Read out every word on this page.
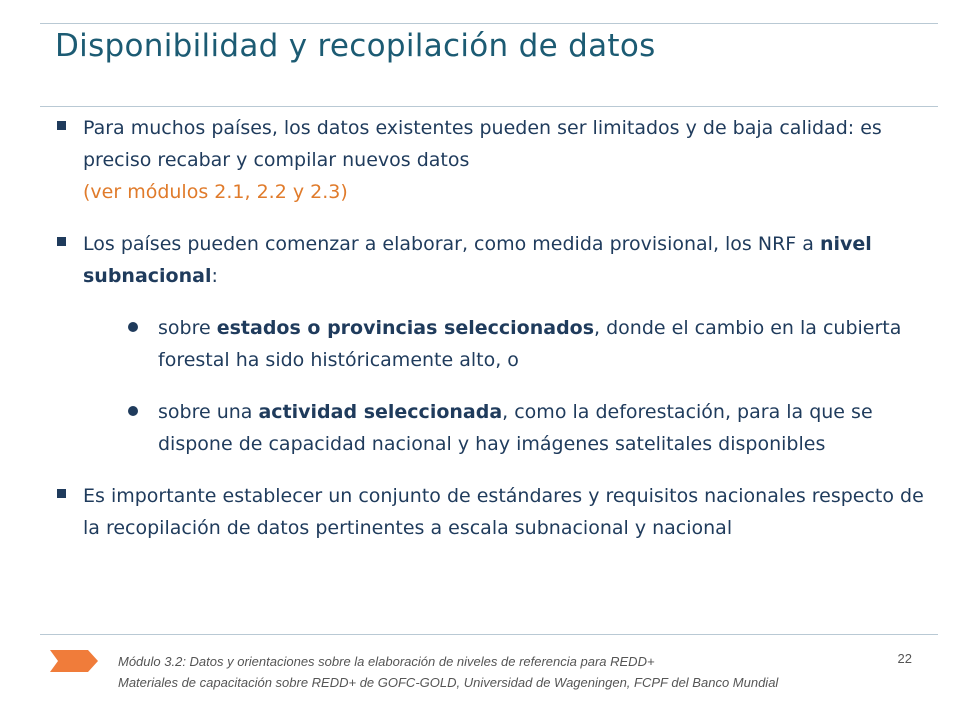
Disponibilidad y recopilación de datos
Para muchos países, los datos existentes pueden ser limitados y de baja calidad: es preciso recabar y compilar nuevos datos
(ver módulos 2.1, 2.2 y 2.3)
Los países pueden comenzar a elaborar, como medida provisional, los NRF a nivel subnacional:
sobre estados o provincias seleccionados, donde el cambio en la cubierta forestal ha sido históricamente alto, o
sobre una actividad seleccionada, como la deforestación, para la que se dispone de capacidad nacional y hay imágenes satelitales disponibles
Es importante establecer un conjunto de estándares y requisitos nacionales respecto de la recopilación de datos pertinentes a escala subnacional y nacional
Módulo 3.2: Datos y orientaciones sobre la elaboración de niveles de referencia para REDD+
Materiales de capacitación sobre REDD+ de GOFC-GOLD, Universidad de Wageningen, FCPF del Banco Mundial
22
